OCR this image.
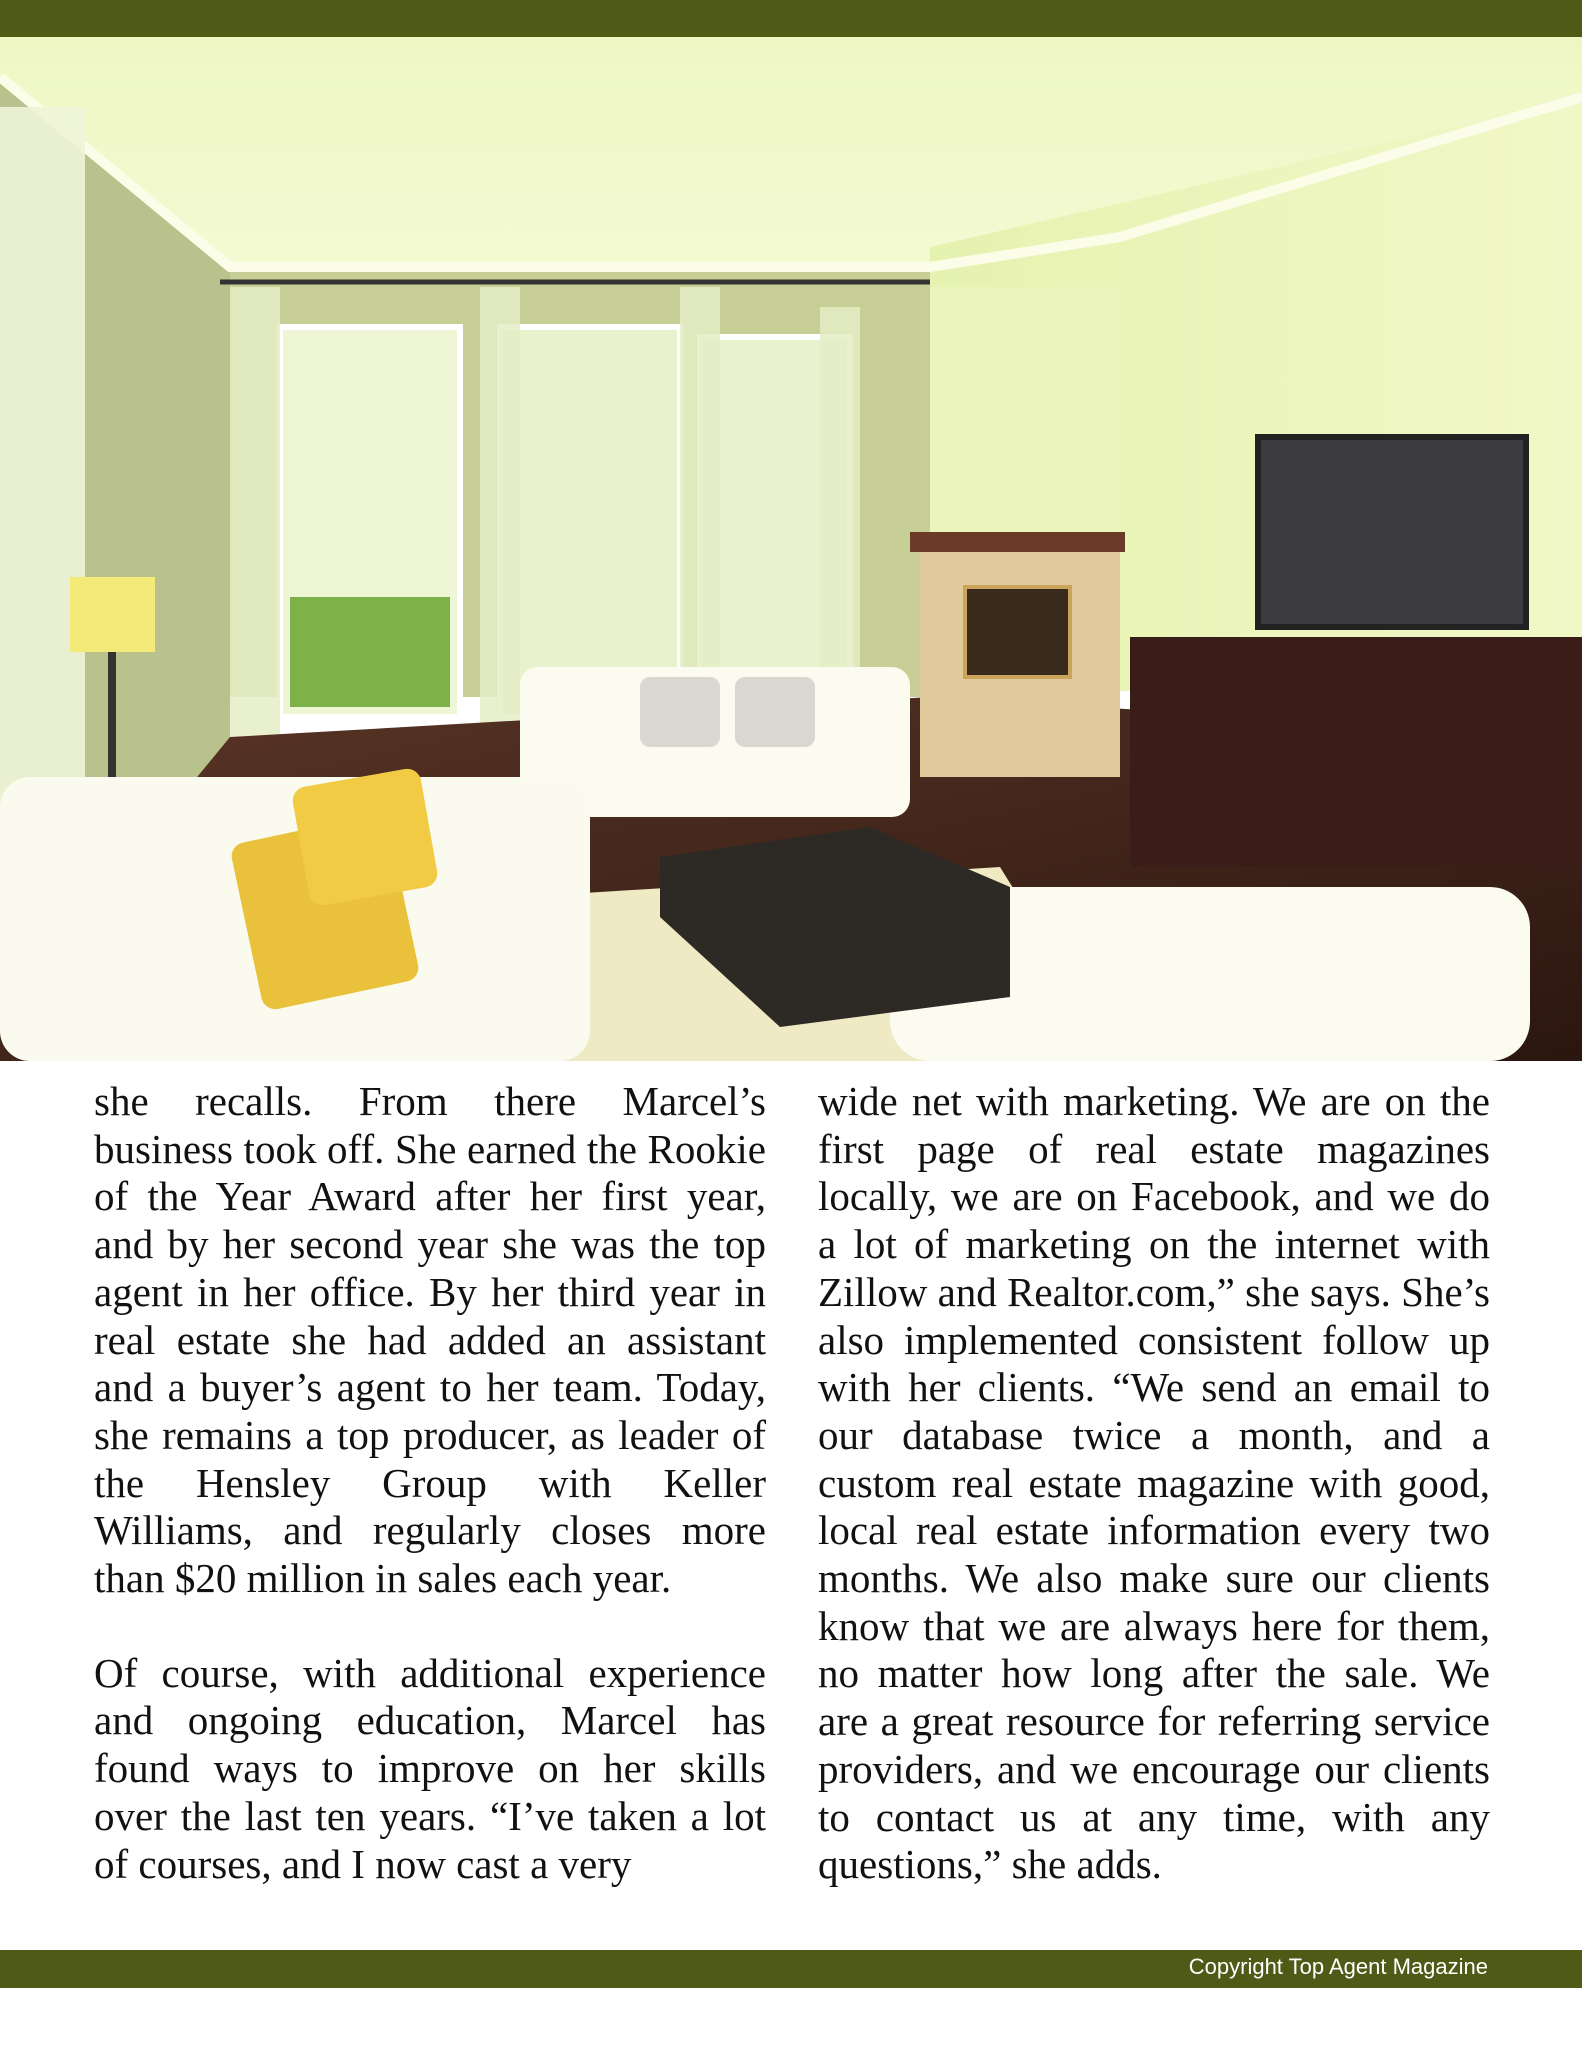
she recalls. From there Marcel’s business took off. She earned the Rookie of the Year Award after her first year, and by her second year she was the top agent in her office. By her third year in real estate she had added an assistant and a buyer’s agent to her team. Today, she remains a top producer, as leader of the Hensley Group with Keller Williams, and regularly closes more than $20 million in sales each year.

Of course, with additional experience and ongoing education, Marcel has found ways to improve on her skills over the last ten years. “I’ve taken a lot of courses, and I now cast a very

wide net with marketing. We are on the first page of real estate magazines locally, we are on Facebook, and we do a lot of marketing on the internet with Zillow and Realtor.com,” she says. She’s also implemented consistent follow up with her clients. “We send an email to our database twice a month, and a custom real estate magazine with good, local real estate information every two months. We also make sure our clients know that we are always here for them, no matter how long after the sale. We are a great resource for referring service providers, and we encourage our clients to contact us at any time, with any questions,” she adds.

Copyright Top Agent Magazine
